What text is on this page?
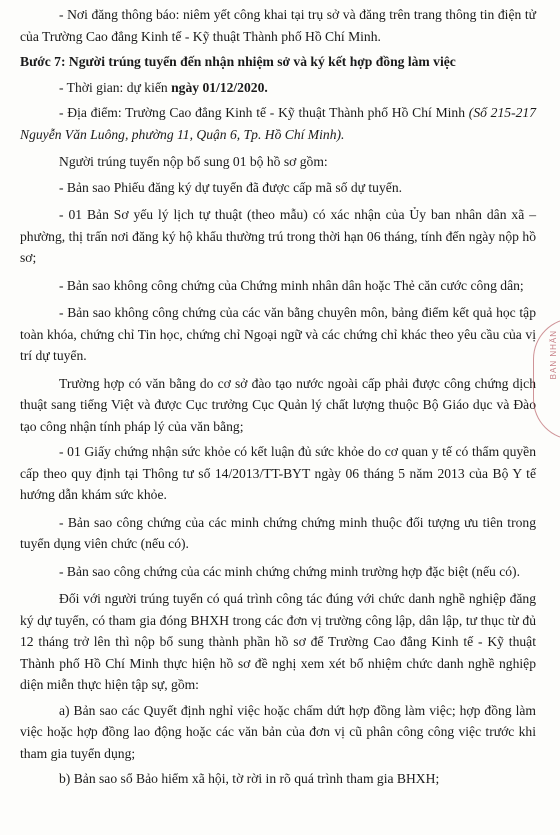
- Nơi đăng thông báo: niêm yết công khai tại trụ sở và đăng trên trang thông tin điện tử của Trường Cao đẳng Kinh tế - Kỹ thuật Thành phố Hồ Chí Minh.

Bước 7: Người trúng tuyển đến nhận nhiệm sở và ký kết hợp đồng làm việc

- Thời gian: dự kiến ngày 01/12/2020.

- Địa điểm: Trường Cao đẳng Kinh tế - Kỹ thuật Thành phố Hồ Chí Minh (Số 215-217 Nguyễn Văn Luông, phường 11, Quận 6, Tp. Hồ Chí Minh).

Người trúng tuyển nộp bổ sung 01 bộ hồ sơ gồm:

- Bản sao Phiếu đăng ký dự tuyển đã được cấp mã số dự tuyển.

- 01 Bản Sơ yếu lý lịch tự thuật (theo mẫu) có xác nhận của Ủy ban nhân dân xã – phường, thị trấn nơi đăng ký hộ khẩu thường trú trong thời hạn 06 tháng, tính đến ngày nộp hồ sơ;

- Bản sao không công chứng của Chứng minh nhân dân hoặc Thẻ căn cước công dân;

- Bản sao không công chứng của các văn bằng chuyên môn, bảng điểm kết quả học tập toàn khóa, chứng chỉ Tin học, chứng chỉ Ngoại ngữ và các chứng chỉ khác theo yêu cầu của vị trí dự tuyển.

Trường hợp có văn bằng do cơ sở đào tạo nước ngoài cấp phải được công chứng dịch thuật sang tiếng Việt và được Cục trưởng Cục Quản lý chất lượng thuộc Bộ Giáo dục và Đào tạo công nhận tính pháp lý của văn bằng;

- 01 Giấy chứng nhận sức khỏe có kết luận đủ sức khỏe do cơ quan y tế có thẩm quyền cấp theo quy định tại Thông tư số 14/2013/TT-BYT ngày 06 tháng 5 năm 2013 của Bộ Y tế hướng dẫn khám sức khỏe.

- Bản sao công chứng của các minh chứng chứng minh thuộc đối tượng ưu tiên trong tuyển dụng viên chức (nếu có).

- Bản sao công chứng của các minh chứng chứng minh trường hợp đặc biệt (nếu có).

Đối với người trúng tuyển có quá trình công tác đúng với chức danh nghề nghiệp đăng ký dự tuyển, có tham gia đóng BHXH trong các đơn vị trường công lập, dân lập, tư thục từ đủ 12 tháng trở lên thì nộp bổ sung thành phần hồ sơ để Trường Cao đẳng Kinh tế - Kỹ thuật Thành phố Hồ Chí Minh thực hiện hồ sơ đề nghị xem xét bổ nhiệm chức danh nghề nghiệp diện miễn thực hiện tập sự, gồm:

a) Bản sao các Quyết định nghỉ việc hoặc chấm dứt hợp đồng làm việc; hợp đồng làm việc hoặc hợp đồng lao động hoặc các văn bản của đơn vị cũ phân công công việc trước khi tham gia tuyển dụng;

b) Bản sao sổ Bảo hiểm xã hội, tờ rời in rõ quá trình tham gia BHXH;

BAN NHÂN
